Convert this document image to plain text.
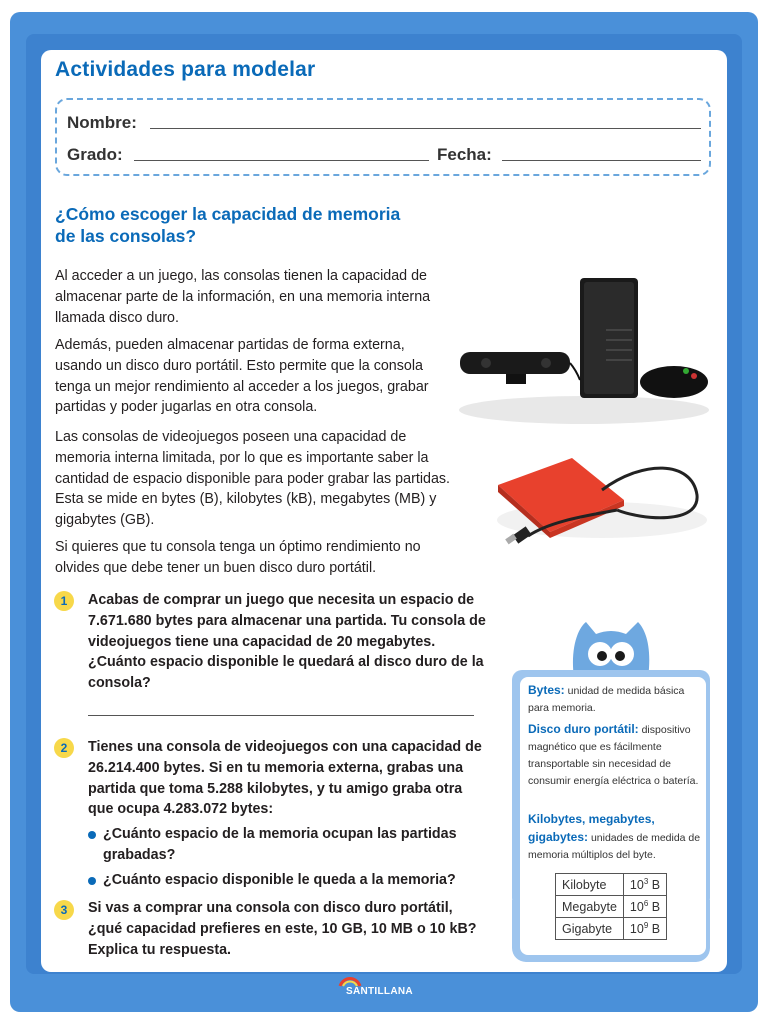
Actividades para modelar
Nombre:
Grado:	Fecha:
¿Cómo escoger la capacidad de memoria de las consolas?
Al acceder a un juego, las consolas tienen la capacidad de almacenar parte de la información, en una memoria interna llamada disco duro.
Además, pueden almacenar partidas de forma externa, usando un disco duro portátil. Esto permite que la consola tenga un mejor rendimiento al acceder a los juegos, grabar partidas y poder jugarlas en otra consola.
Las consolas de videojuegos poseen una capacidad de memoria interna limitada, por lo que es importante saber la cantidad de espacio disponible para poder grabar las partidas. Esta se mide en bytes (B), kilobytes (kB), megabytes (MB) y gigabytes (GB).
Si quieres que tu consola tenga un óptimo rendimiento no olvides que debe tener un buen disco duro portátil.
1	Acabas de comprar un juego que necesita un espacio de 7.671.680 bytes para almacenar una partida. Tu consola de videojuegos tiene una capacidad de 20 megabytes. ¿Cuánto espacio disponible le quedará al disco duro de la consola?
2	Tienes una consola de videojuegos con una capacidad de 26.214.400 bytes. Si en tu memoria externa, grabas una partida que toma 5.288 kilobytes, y tu amigo graba otra que ocupa 4.283.072 bytes:
¿Cuánto espacio de la memoria ocupan las partidas grabadas?
¿Cuánto espacio disponible le queda a la memoria?
3	Si vas a comprar una consola con disco duro portátil, ¿qué capacidad prefieres en este, 10 GB, 10 MB o 10 kB? Explica tu respuesta.
Bytes: unidad de medida básica para memoria.
Disco duro portátil: dispositivo magnético que es fácilmente transportable sin necesidad de consumir energía eléctrica o batería.
Kilobytes, megabytes, gigabytes: unidades de medida de memoria múltiplos del byte.
Kilobyte	$10^3$ B
Megabyte	$10^6$ B
Gigabyte	$10^9$ B
SANTILLANA
